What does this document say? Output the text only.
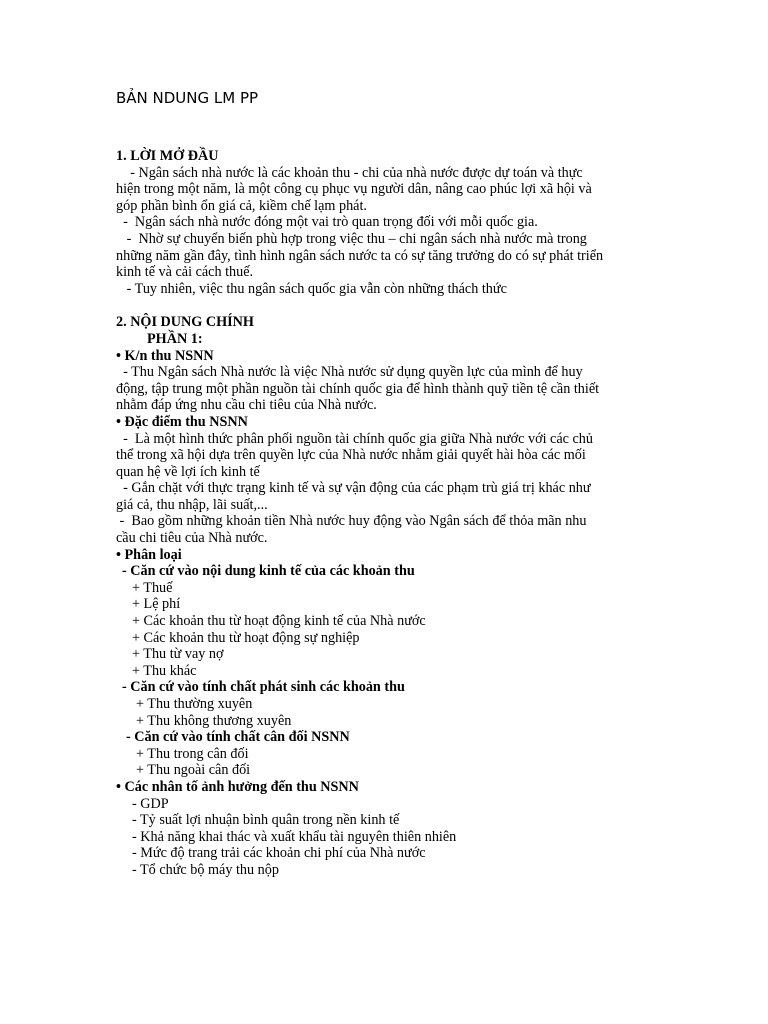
BẢN NDUNG LM PP

1. LỜI MỞ ĐẦU

- Ngân sách nhà nước là các khoản thu - chi của nhà nước được dự toán và thực

hiện trong một năm, là một công cụ phục vụ người dân, nâng cao phúc lợi xã hội và

góp phần bình ổn giá cả, kiềm chế lạm phát.

-  Ngân sách nhà nước đóng một vai trò quan trọng đối với mỗi quốc gia.

-  Nhờ sự chuyển biến phù hợp trong việc thu – chi ngân sách nhà nước mà trong

những năm gần đây, tình hình ngân sách nước ta có sự tăng trưởng do có sự phát triển

kinh tế và cải cách thuế.

- Tuy nhiên, việc thu ngân sách quốc gia vẫn còn những thách thức

2. NỘI DUNG CHÍNH

PHẦN 1:

• K/n thu NSNN

- Thu Ngân sách Nhà nước là việc Nhà nước sử dụng quyền lực của mình để huy

động, tập trung một phần nguồn tài chính quốc gia để hình thành quỹ tiền tệ cần thiết

nhằm đáp ứng nhu cầu chi tiêu của Nhà nước.

• Đặc điểm thu NSNN

-  Là một hình thức phân phối nguồn tài chính quốc gia giữa Nhà nước với các chủ

thể trong xã hội dựa trên quyền lực của Nhà nước nhằm giải quyết hài hòa các mối

quan hệ về lợi ích kinh tế

- Gắn chặt với thực trạng kinh tế và sự vận động của các phạm trù giá trị khác như

giá cả, thu nhập, lãi suất,...

-  Bao gồm những khoản tiền Nhà nước huy động vào Ngân sách để thỏa mãn nhu

cầu chi tiêu của Nhà nước.

• Phân loại

- Căn cứ vào nội dung kinh tế của các khoản thu

+ Thuế

+ Lệ phí

+ Các khoản thu từ hoạt động kinh tế của Nhà nước

+ Các khoản thu từ hoạt động sự nghiệp

+ Thu từ vay nợ

+ Thu khác

- Căn cứ vào tính chất phát sinh các khoản thu

+ Thu thường xuyên

+ Thu không thương xuyên

- Căn cứ vào tính chất cân đối NSNN

+ Thu trong cân đối

+ Thu ngoài cân đối

• Các nhân tố ảnh hưởng đến thu NSNN

- GDP

- Tỷ suất lợi nhuận bình quân trong nền kinh tế

- Khả năng khai thác và xuất khẩu tài nguyên thiên nhiên

- Mức độ trang trải các khoản chi phí của Nhà nước

- Tổ chức bộ máy thu nộp
